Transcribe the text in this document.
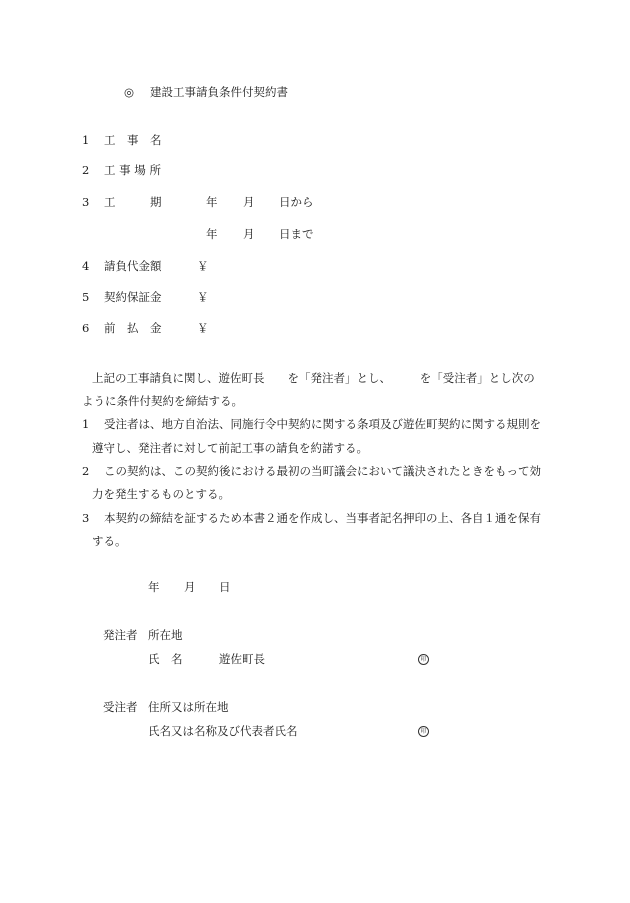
◎ 建設工事請負条件付契約書
1 工　事　名
2 工 事 場 所
3 工　　　期	年 月 日から
年 月 日まで
4 請負代金額	￥
5 契約保証金	￥
6 前　払　金	￥
上記の工事請負に関し、遊佐町長　　を「発注者」とし、　　　を「受注者」とし次の
ように条件付契約を締結する。
1 受注者は、地方自治法、同施行令中契約に関する条項及び遊佐町契約に関する規則を
遵守し、発注者に対して前記工事の請負を約諾する。
2 この契約は、この契約後における最初の当町議会において議決されたときをもって効
力を発生するものとする。
3 本契約の締結を証するため本書２通を作成し、当事者記名押印の上、各自１通を保有
する。
年 月 日
発注者 所在地
氏　名	遊佐町長	印
受注者 住所又は所在地
氏名又は名称及び代表者氏名	印
